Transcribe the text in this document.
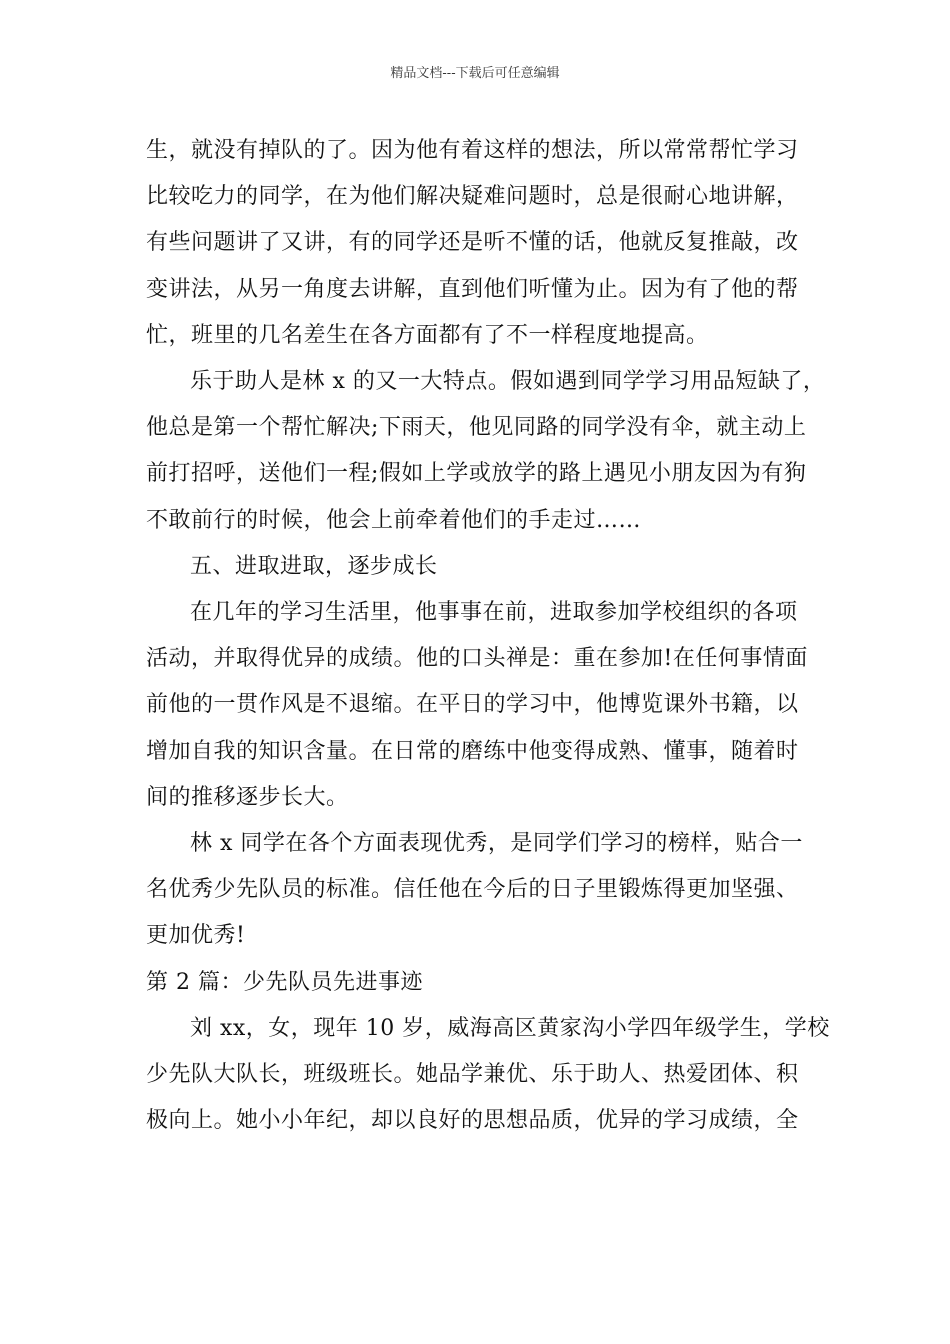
精品文档---下载后可任意编辑

生，就没有掉队的了。因为他有着这样的想法，所以常常帮忙学习

比较吃力的同学，在为他们解决疑难问题时，总是很耐心地讲解，

有些问题讲了又讲，有的同学还是听不懂的话，他就反复推敲，改

变讲法，从另一角度去讲解，直到他们听懂为止。因为有了他的帮

忙，班里的几名差生在各方面都有了不一样程度地提高。

乐于助人是林 x 的又一大特点。假如遇到同学学习用品短缺了，

他总是第一个帮忙解决;下雨天，他见同路的同学没有伞，就主动上

前打招呼，送他们一程;假如上学或放学的路上遇见小朋友因为有狗

不敢前行的时候，他会上前牵着他们的手走过……

五、进取进取，逐步成长

在几年的学习生活里，他事事在前，进取参加学校组织的各项

活动，并取得优异的成绩。他的口头禅是：重在参加!在任何事情面

前他的一贯作风是不退缩。在平日的学习中，他博览课外书籍，以

增加自我的知识含量。在日常的磨练中他变得成熟、懂事，随着时

间的推移逐步长大。

林 x 同学在各个方面表现优秀，是同学们学习的榜样，贴合一

名优秀少先队员的标准。信任他在今后的日子里锻炼得更加坚强、

更加优秀!

第 2 篇：少先队员先进事迹

刘 xx，女，现年 10 岁，威海高区黄家沟小学四年级学生，学校

少先队大队长，班级班长。她品学兼优、乐于助人、热爱团体、积

极向上。她小小年纪，却以良好的思想品质，优异的学习成绩，全
